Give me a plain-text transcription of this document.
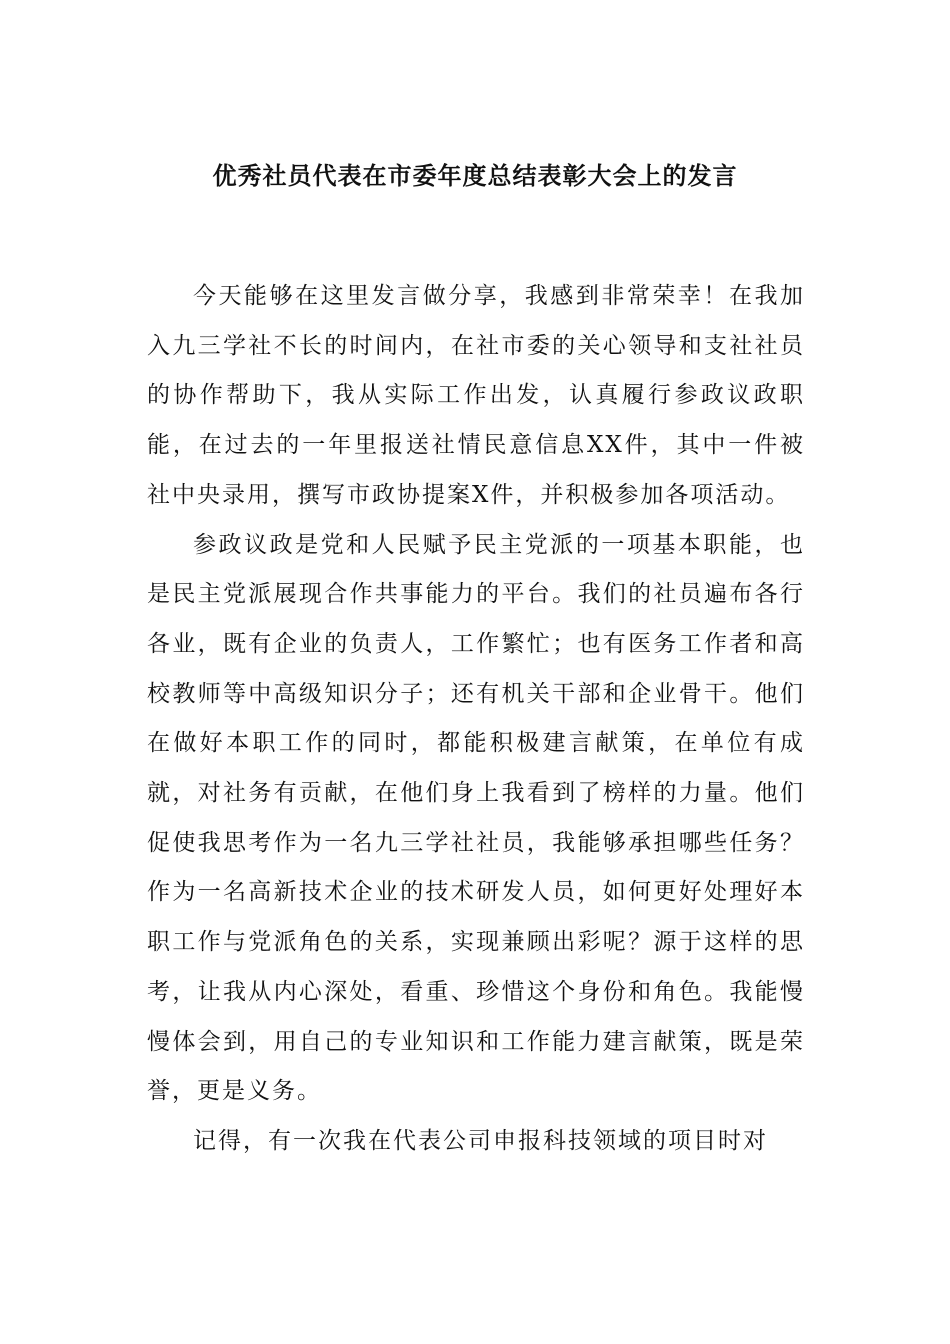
优秀社员代表在市委年度总结表彰大会上的发言

今天能够在这里发言做分享，我感到非常荣幸！在我加入九三学社不长的时间内，在社市委的关心领导和支社社员的协作帮助下，我从实际工作出发，认真履行参政议政职能，在过去的一年里报送社情民意信息XX件，其中一件被社中央录用，撰写市政协提案X件，并积极参加各项活动。

参政议政是党和人民赋予民主党派的一项基本职能，也是民主党派展现合作共事能力的平台。我们的社员遍布各行各业，既有企业的负责人，工作繁忙；也有医务工作者和高校教师等中高级知识分子；还有机关干部和企业骨干。他们在做好本职工作的同时，都能积极建言献策，在单位有成就，对社务有贡献，在他们身上我看到了榜样的力量。他们促使我思考作为一名九三学社社员，我能够承担哪些任务？作为一名高新技术企业的技术研发人员，如何更好处理好本职工作与党派角色的关系，实现兼顾出彩呢？源于这样的思考，让我从内心深处，看重、珍惜这个身份和角色。我能慢慢体会到，用自己的专业知识和工作能力建言献策，既是荣誉，更是义务。

记得，有一次我在代表公司申报科技领域的项目时对
